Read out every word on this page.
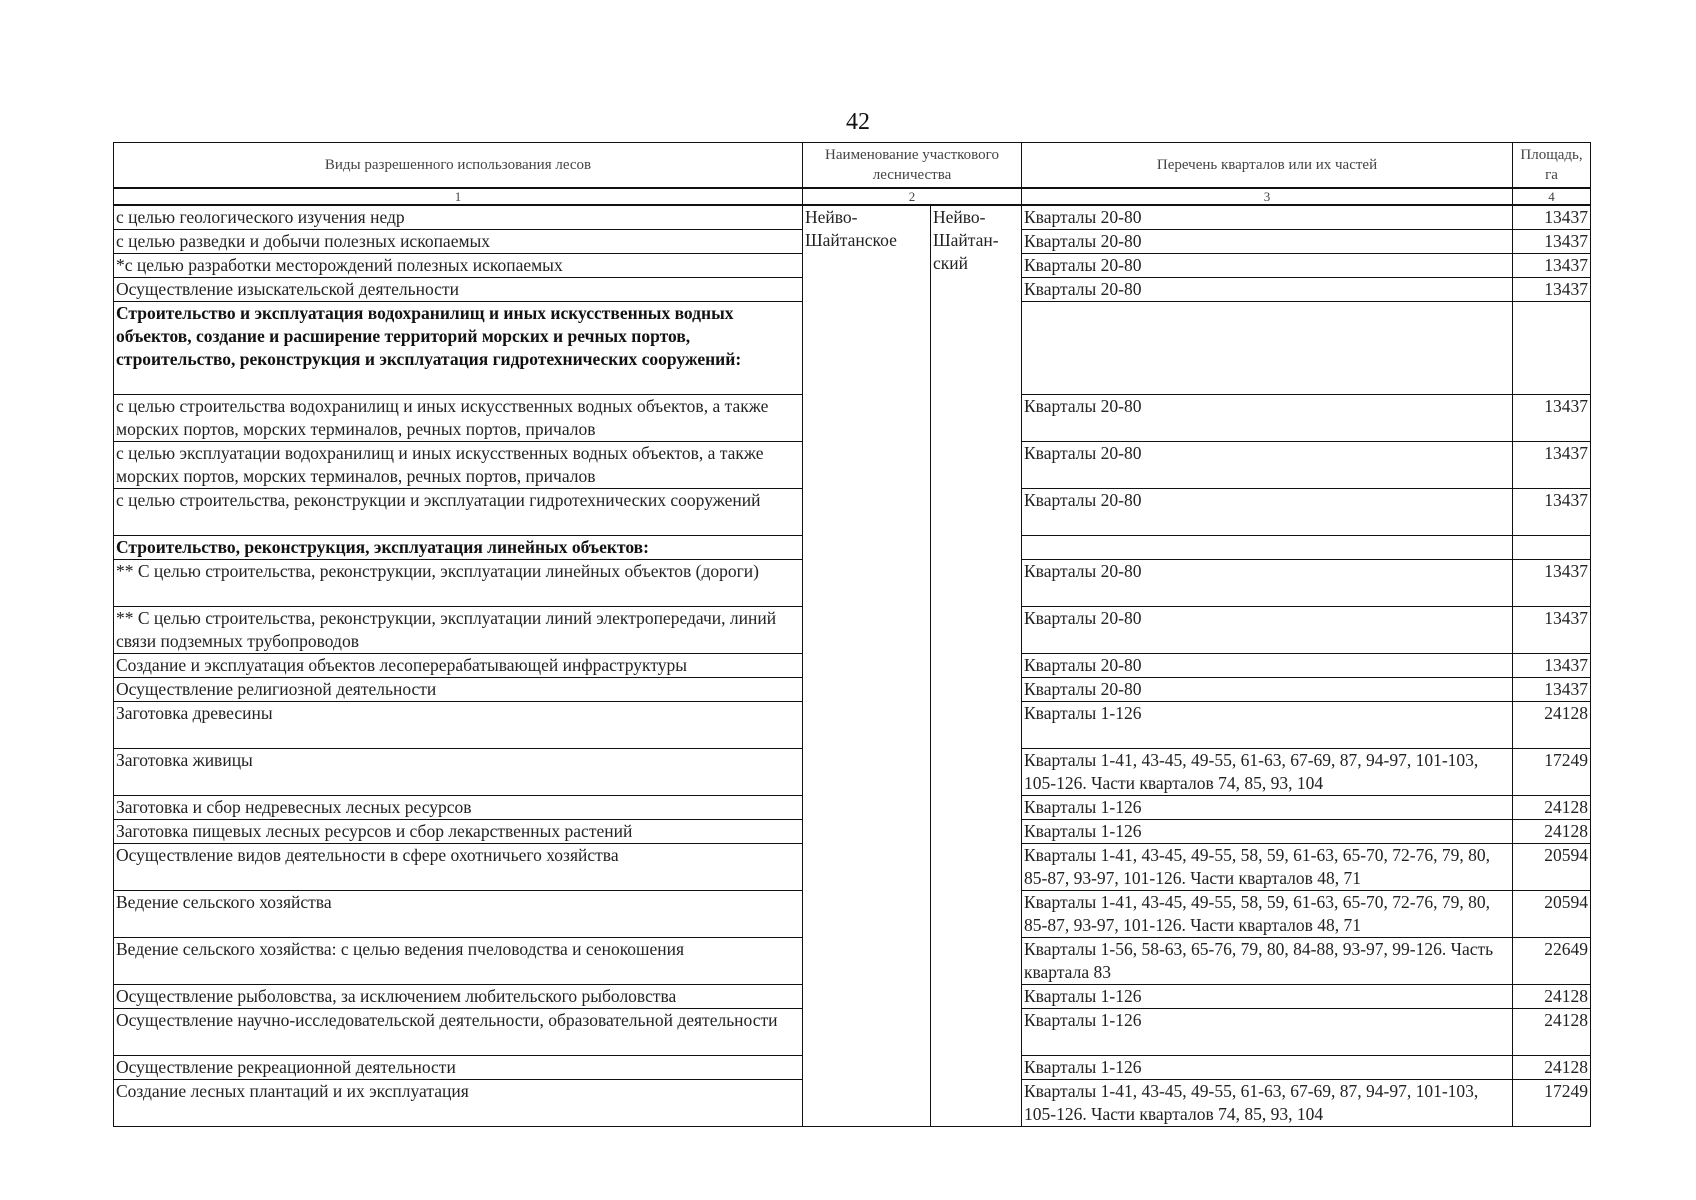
42
Виды разрешенного использования лесов	Наименование участкового лесничества		Перечень кварталов или их частей	Площадь, га
1	2		3	4
с целью геологического изучения недр	Нейво-Шайтанское	Нейво-Шайтан-ский	Кварталы 20-80	13437
с целью разведки и добычи полезных ископаемых			Кварталы 20-80	13437
*с целью разработки месторождений полезных ископаемых			Кварталы 20-80	13437
Осуществление изыскательской деятельности			Кварталы 20-80	13437
Строительство и эксплуатация водохранилищ и иных искусственных водных объектов, создание и расширение территорий морских и речных портов, строительство, реконструкция и эксплуатация гидротехнических сооружений:				
с целью строительства водохранилищ и иных искусственных водных объектов, а также морских портов, морских терминалов, речных портов, причалов			Кварталы 20-80	13437
с целью эксплуатации водохранилищ и иных искусственных водных объектов, а также морских портов, морских терминалов, речных портов, причалов			Кварталы 20-80	13437
с целью строительства, реконструкции и эксплуатации гидротехнических сооружений			Кварталы 20-80	13437
Строительство, реконструкция, эксплуатация линейных объектов:				
** С целью строительства, реконструкции, эксплуатации линейных объектов (дороги)			Кварталы 20-80	13437
** С целью строительства, реконструкции, эксплуатации линий электропередачи, линий связи подземных трубопроводов			Кварталы 20-80	13437
Создание и эксплуатация объектов лесоперерабатывающей инфраструктуры			Кварталы 20-80	13437
Осуществление религиозной деятельности			Кварталы 20-80	13437
Заготовка древесины			Кварталы 1-126	24128
Заготовка живицы			Кварталы 1-41, 43-45, 49-55, 61-63, 67-69, 87, 94-97, 101-103, 105-126. Части кварталов 74, 85, 93, 104	17249
Заготовка и сбор недревесных лесных ресурсов			Кварталы 1-126	24128
Заготовка пищевых лесных ресурсов и сбор лекарственных растений			Кварталы 1-126	24128
Осуществление видов деятельности в сфере охотничьего хозяйства			Кварталы 1-41, 43-45, 49-55, 58, 59, 61-63, 65-70, 72-76, 79, 80, 85-87, 93-97, 101-126. Части кварталов 48, 71	20594
Ведение сельского хозяйства			Кварталы 1-41, 43-45, 49-55, 58, 59, 61-63, 65-70, 72-76, 79, 80, 85-87, 93-97, 101-126. Части кварталов 48, 71	20594
Ведение сельского хозяйства: с целью ведения пчеловодства и сенокошения			Кварталы 1-56, 58-63, 65-76, 79, 80, 84-88, 93-97, 99-126. Часть квартала 83	22649
Осуществление рыболовства, за исключением любительского рыболовства			Кварталы 1-126	24128
Осуществление научно-исследовательской деятельности, образовательной деятельности			Кварталы 1-126	24128
Осуществление рекреационной деятельности			Кварталы 1-126	24128
Создание лесных плантаций и их эксплуатация			Кварталы 1-41, 43-45, 49-55, 61-63, 67-69, 87, 94-97, 101-103, 105-126. Части кварталов 74, 85, 93, 104	17249
